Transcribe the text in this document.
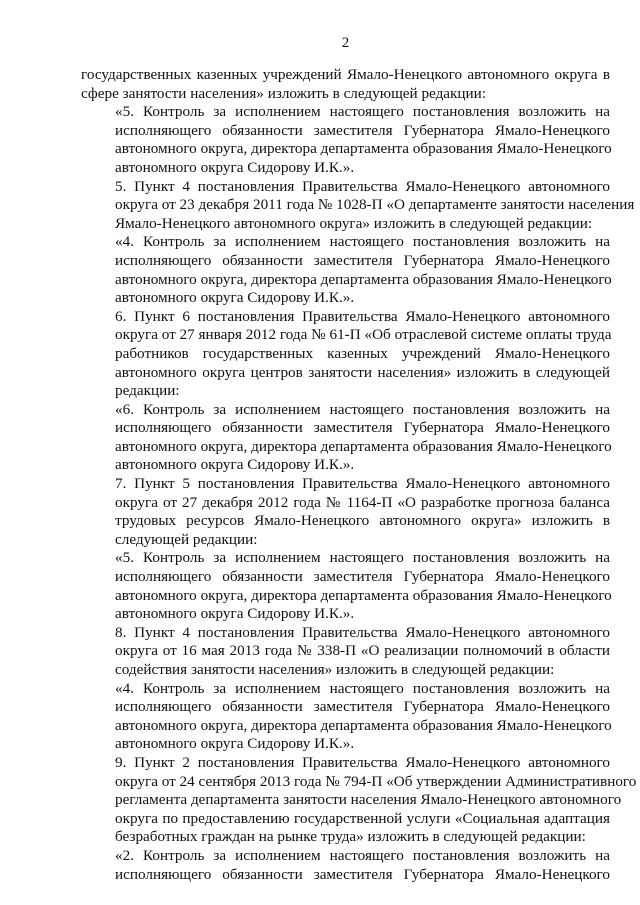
2

государственных казенных учреждений Ямало-Ненецкого автономного округа в
сфере занятости населения» изложить в следующей редакции:

«5. Контроль за исполнением настоящего постановления возложить на
исполняющего обязанности заместителя Губернатора Ямало-Ненецкого
автономного округа, директора департамента образования Ямало-Ненецкого
автономного округа Сидорову И.К.».

5. Пункт 4 постановления Правительства Ямало-Ненецкого автономного
округа от 23 декабря 2011 года № 1028-П «О департаменте занятости населения
Ямало-Ненецкого автономного округа» изложить в следующей редакции:

«4. Контроль за исполнением настоящего постановления возложить на
исполняющего обязанности заместителя Губернатора Ямало-Ненецкого
автономного округа, директора департамента образования Ямало-Ненецкого
автономного округа Сидорову И.К.».

6. Пункт 6 постановления Правительства Ямало-Ненецкого автономного
округа от 27 января 2012 года № 61-П «Об отраслевой системе оплаты труда
работников государственных казенных учреждений Ямало-Ненецкого
автономного округа центров занятости населения» изложить в следующей
редакции:

«6. Контроль за исполнением настоящего постановления возложить на
исполняющего обязанности заместителя Губернатора Ямало-Ненецкого
автономного округа, директора департамента образования Ямало-Ненецкого
автономного округа Сидорову И.К.».

7. Пункт 5 постановления Правительства Ямало-Ненецкого автономного
округа от 27 декабря 2012 года № 1164-П «О разработке прогноза баланса
трудовых ресурсов Ямало-Ненецкого автономного округа» изложить в
следующей редакции:

«5. Контроль за исполнением настоящего постановления возложить на
исполняющего обязанности заместителя Губернатора Ямало-Ненецкого
автономного округа, директора департамента образования Ямало-Ненецкого
автономного округа Сидорову И.К.».

8. Пункт 4 постановления Правительства Ямало-Ненецкого автономного
округа от 16 мая 2013 года № 338-П «О реализации полномочий в области
содействия занятости населения» изложить в следующей редакции:

«4. Контроль за исполнением настоящего постановления возложить на
исполняющего обязанности заместителя Губернатора Ямало-Ненецкого
автономного округа, директора департамента образования Ямало-Ненецкого
автономного округа Сидорову И.К.».

9. Пункт 2 постановления Правительства Ямало-Ненецкого автономного
округа от 24 сентября 2013 года № 794-П «Об утверждении Административного
регламента департамента занятости населения Ямало-Ненецкого автономного
округа по предоставлению государственной услуги «Социальная адаптация
безработных граждан на рынке труда» изложить в следующей редакции:

«2. Контроль за исполнением настоящего постановления возложить на
исполняющего обязанности заместителя Губернатора Ямало-Ненецкого
